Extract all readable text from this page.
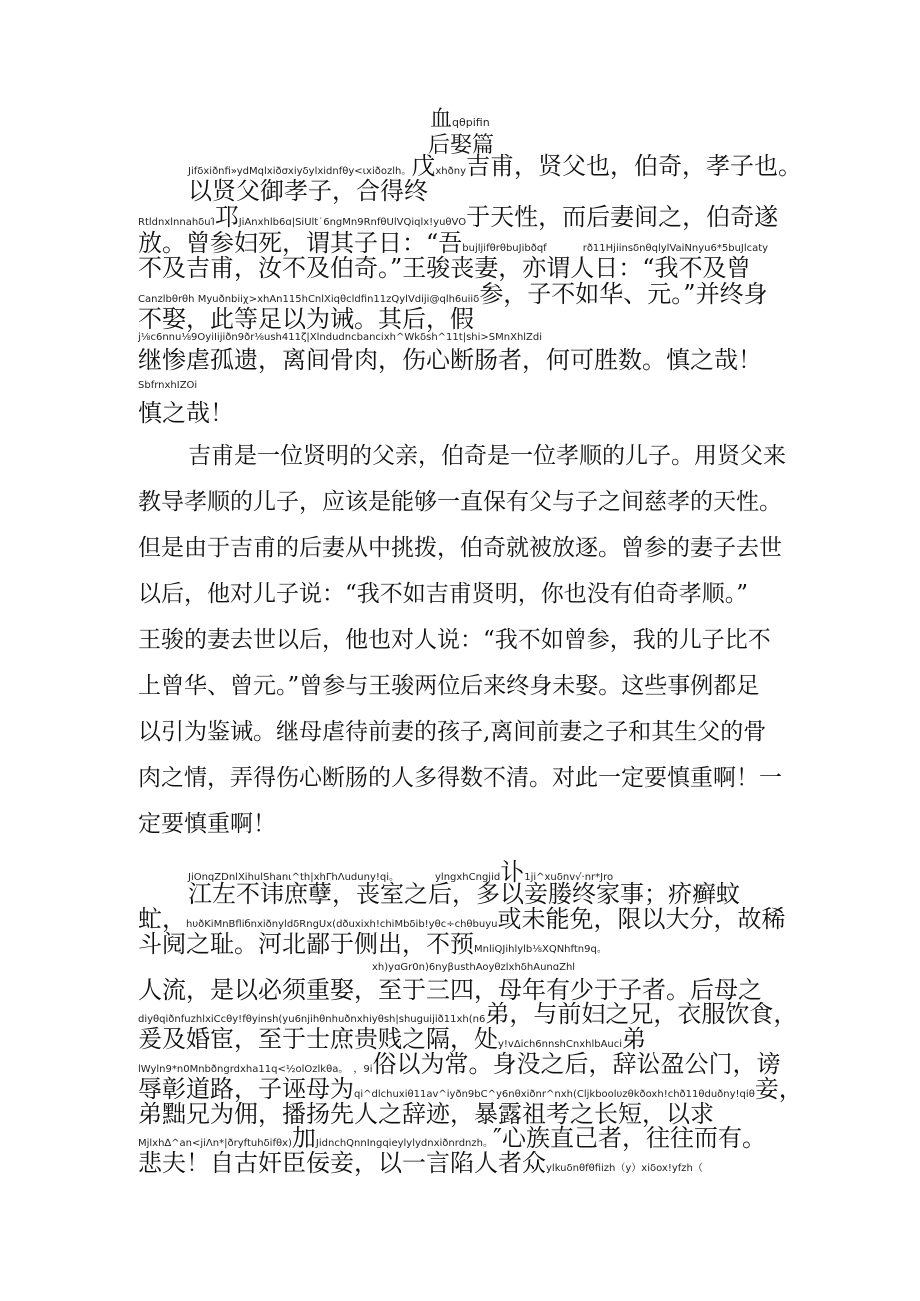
血qθpifin
后娶篇
Jifδxiðnfi»ydMqlxiðσxiyδylxidnfθy<ιxiðozlh。戊xhðny吉甫，贤父也，伯奇，孝子也。
以贤父御孝子，合得终
RtldnxlnnahδuΊ邛JiAnxhlb6ɑ|SiUlt˙6ngMn9RnfθUlVQiqlx!yuθVO于天性，而后妻间之，伯奇遂
放。曾参妇死，谓其子日：“吾bujljifθrθbuJibðqf	rð11HjiinsδnθqlylVaiNnyu6*5buJlcaty
不及吉甫，汝不及伯奇。”王骏丧妻，亦谓人日：“我不及曾
Canzlbθrθh Myuðnbiiχ>xhAn115hCnlXiqθcldfin11zQylVdiji@qlh6uiiδ参，子不如华、元。”并终身
不娶，此等足以为诫。其后，假
j⅛c6nnu⅛9OyiIijiðn9ðr⅛ush411ζ|Xlndudncbancixh^Wkδsh^11t|shi>SMnXhlZdi
继惨虐孤遗，离间骨肉，伤心断肠者，何可胜数。慎之哉！
SbfrnxhIZOi
慎之哉！
吉甫是一位贤明的父亲，伯奇是一位孝顺的儿子。用贤父来
教导孝顺的儿子，应该是能够一直保有父与子之间慈孝的天性。
但是由于吉甫的后妻从中挑拨，伯奇就被放逐。曾参的妻子去世
以后，他对儿子说：“我不如吉甫贤明，你也没有伯奇孝顺。”
王骏的妻去世以后，他也对人说：“我不如曾参，我的儿子比不
上曾华、曾元。”曾参与王骏两位后来终身未娶。这些事例都足
以引为鉴诫。继母虐待前妻的孩子,离间前妻之子和其生父的骨
肉之情，弄得伤心断肠的人多得数不清。对此一定要慎重啊！一
定要慎重啊！
JiOnqZDnlXihulShanι^th|xhΓhΛuduny!qi。	ylngxhCngjid讣1ji^xuδnv√·nr*Jro
江左不讳庶孽，丧室之后，多以妾媵终家事；疥癣蚊
虻，hυðKiMnBfliбnxiðnyldδRngUx(dðuxixh!chiMbδib!yθc÷chθbuyu或未能免，限以大分，故稀
斗阋之耻。河北鄙于侧出，不预MnliQJihlylb⅛XQNhftn9q。
xh)yɑGr0n)6nyβusthAoyθzlxhδhAunɑZhl
人流，是以必须重娶，至于三四，母年有少于子者。后母之
diyθqiðnfuzhlxiCcθy!fθyinsh(yu6njihθnhuðnxhiyθsh|shuguijið11xh(n6弟，与前妇之兄，衣服饮食，
爰及婚宦，至于士庶贵贱之隔，处y!vΔich6nnshCnxhlbAuci弟
lWyln9*n0Mnbðngrdxha11q<½olOzlkθa。 ，9i俗以为常。身没之后，辞讼盈公门，谤
辱彰道路，子诬母为qi^dlchuxiθ11av^iyðn9bC^y6nθxiðnr^nxh(Cljkboolυzθkðoxh!chð11θduðny!qiθ妾，
弟黜兄为佣，播扬先人之辞迹，暴露祖考之长短，以求
Mjlxh∆^an<jiΛn*|ðryftuhδifθx)加JidnchQnnIngqieylylydnxiðnrdnzh。″心族直己者，往往而有。
悲夫！自古奸臣佞妾，以一言陷人者众ylkuδnθfθfiizh（y）xiδox!yfzh（
